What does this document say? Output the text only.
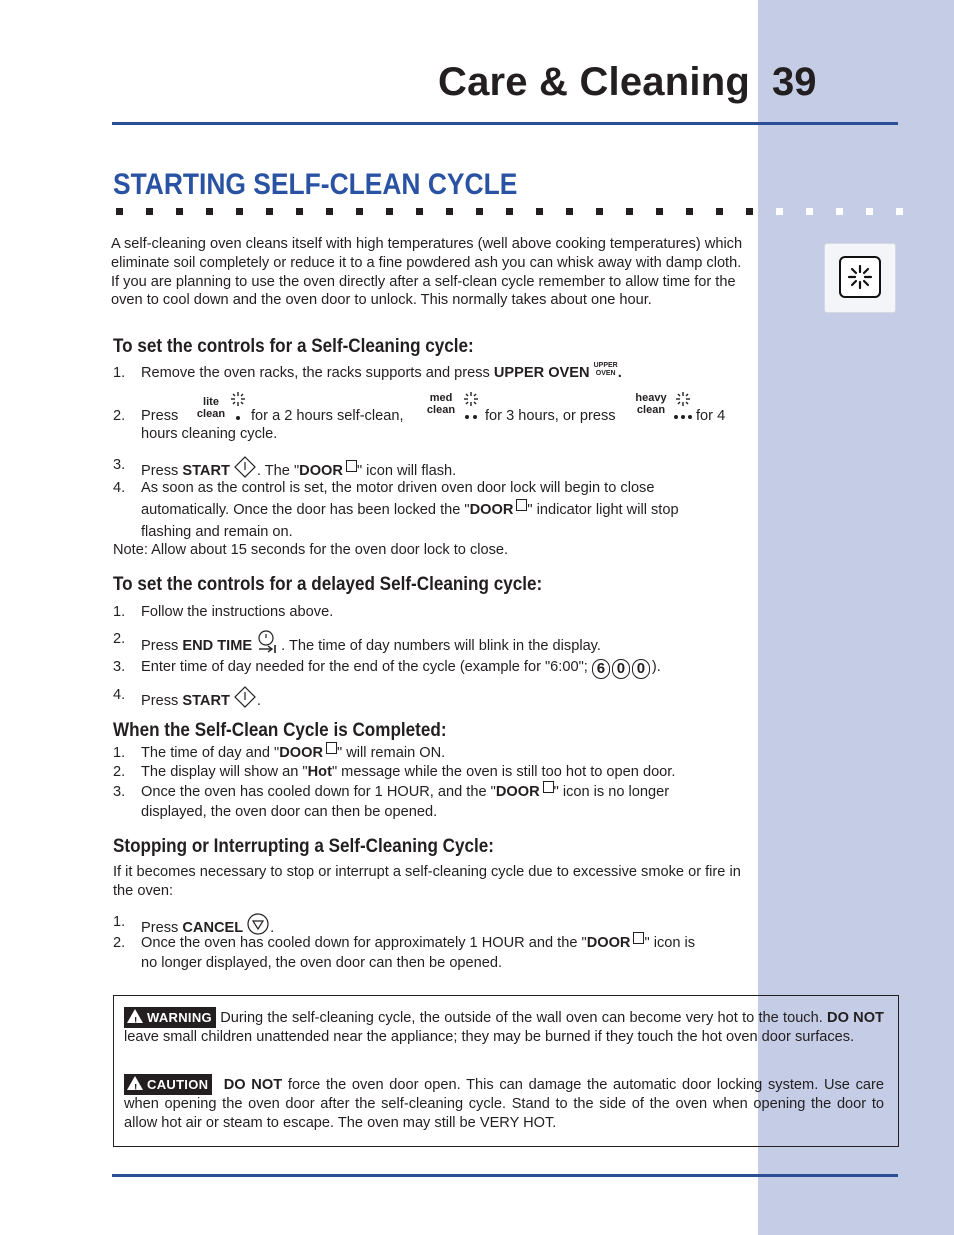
Care & Cleaning 39
STARTING SELF-CLEAN CYCLE
A self-cleaning oven cleans itself with high temperatures (well above cooking temperatures) which eliminate soil completely or reduce it to a fine powdered ash you can whisk away with damp cloth. If you are planning to use the oven directly after a self-clean cycle remember to allow time for the oven to cool down and the oven door to unlock. This normally takes about one hour.
To set the controls for a Self-Cleaning cycle:
1. Remove the oven racks, the racks supports and press UPPER OVEN UPPER
OVEN .
2. Press
lite
clean	for a 2 hours self-clean,
med
clean for 3 hours, or press
heavy
clean	for 4
hours cleaning cycle.
3. Press START . The "DOOR " icon will flash.
4. As soon as the control is set, the motor driven oven door lock will begin to close
automatically. Once the door has been locked the "DOOR " indicator light will stop
flashing and remain on.
Note: Allow about 15 seconds for the oven door lock to close.
To set the controls for a delayed Self-Cleaning cycle:
1. Follow the instructions above.
2. Press END TIME . The time of day numbers will blink in the display.
3. Enter time of day needed for the end of the cycle (example for "6:00"; 6 0 0 ).
4. Press START .
When the Self-Clean Cycle is Completed:
1. The time of day and "DOOR " will remain ON.
2. The display will show an "Hot" message while the oven is still too hot to open door.
3. Once the oven has cooled down for 1 HOUR, and the "DOOR " icon is no longer
displayed, the oven door can then be opened.
Stopping or Interrupting a Self-Cleaning Cycle:
If it becomes necessary to stop or interrupt a self-cleaning cycle due to excessive smoke or fire in the oven:
1. Press CANCEL .
2. Once the oven has cooled down for approximately 1 HOUR and the "DOOR " icon is
no longer displayed, the oven door can then be opened.
! WARNING During the self-cleaning cycle, the outside of the wall oven can become very hot to the touch. DO NOT leave small children unattended near the appliance; they may be burned if they touch the hot oven door surfaces.
! CAUTION DO NOT force the oven door open. This can damage the automatic door locking system. Use care when opening the oven door after the self-cleaning cycle. Stand to the side of the oven when opening the door to allow hot air or steam to escape. The oven may still be VERY HOT.
